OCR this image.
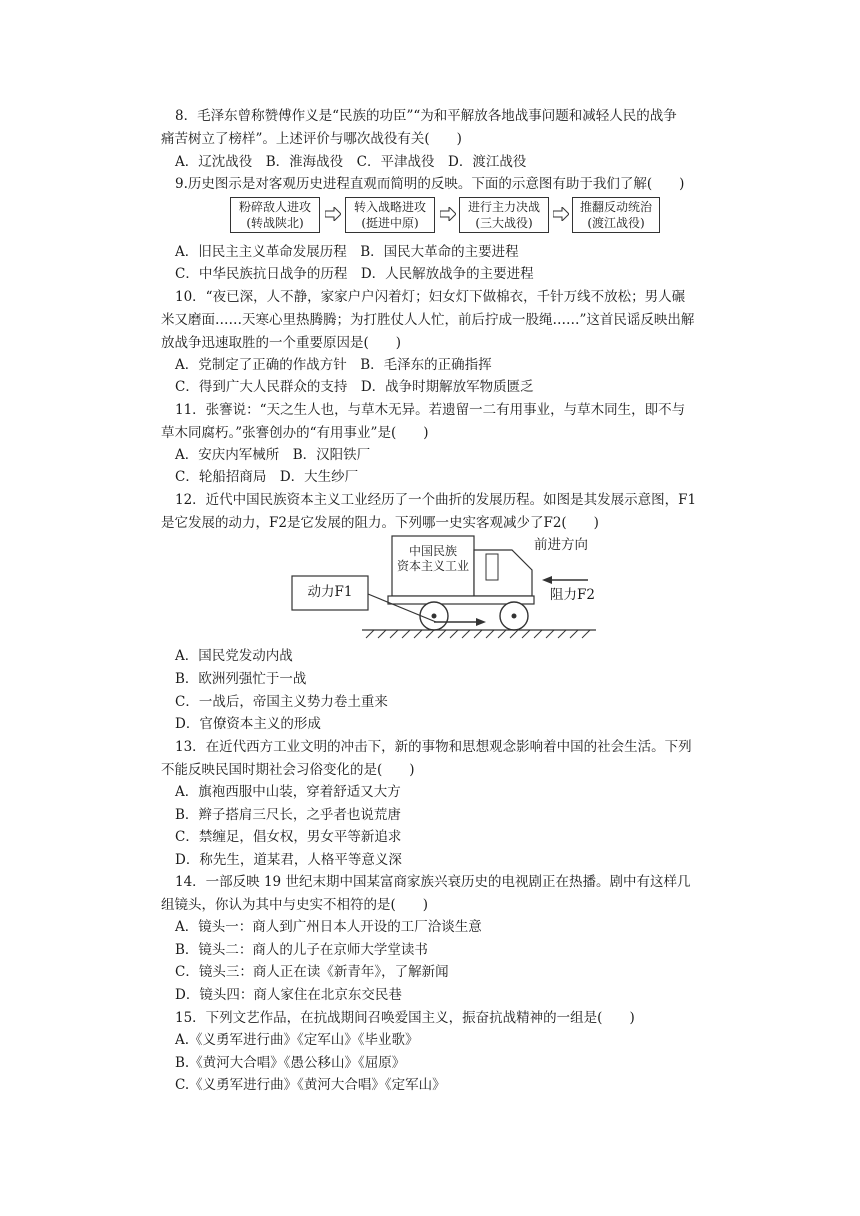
8．毛泽东曾称赞傅作义是“民族的功臣”“为和平解放各地战事问题和减轻人民的战争
痛苦树立了榜样”。上述评价与哪次战役有关(　　)
A．辽沈战役　B．淮海战役　C．平津战役　D．渡江战役
9.历史图示是对客观历史进程直观而简明的反映。下面的示意图有助于我们了解(　　)
粉碎敌人进攻
(转战陕北)
转入战略进攻
(挺进中原)
进行主力决战
(三大战役)
推翻反动统治
(渡江战役)
A．旧民主主义革命发展历程　B．国民大革命的主要进程
C．中华民族抗日战争的历程　D．人民解放战争的主要进程
10．“夜已深，人不静，家家户户闪着灯；妇女灯下做棉衣，千针万线不放松；男人碾
米又磨面……天寒心里热腾腾；为打胜仗人人忙，前后拧成一股绳……”这首民谣反映出解
放战争迅速取胜的一个重要原因是(　　)
A．党制定了正确的作战方针　B．毛泽东的正确指挥
C．得到广大人民群众的支持　D．战争时期解放军物质匮乏
11．张謇说：“天之生人也，与草木无异。若遗留一二有用事业，与草木同生，即不与
草木同腐朽。”张謇创办的“有用事业”是(　　)
A．安庆内军械所　B．汉阳铁厂
C．轮船招商局　D．大生纱厂
12．近代中国民族资本主义工业经历了一个曲折的发展历程。如图是其发展示意图，F1
是它发展的动力，F2是它发展的阻力。下列哪一史实客观减少了F2(　　)
中国民族
资本主义工业
前进方向
动力F1	阻力F2
A．国民党发动内战
B．欧洲列强忙于一战
C．一战后，帝国主义势力卷土重来
D．官僚资本主义的形成
13．在近代西方工业文明的冲击下，新的事物和思想观念影响着中国的社会生活。下列
不能反映民国时期社会习俗变化的是(　　)
A．旗袍西服中山装，穿着舒适又大方
B．辫子搭肩三尺长，之乎者也说荒唐
C．禁缠足，倡女权，男女平等新追求
D．称先生，道某君，人格平等意义深
14．一部反映 19 世纪末期中国某富商家族兴衰历史的电视剧正在热播。剧中有这样几
组镜头，你认为其中与史实不相符的是(　　)
A．镜头一：商人到广州日本人开设的工厂洽谈生意
B．镜头二：商人的儿子在京师大学堂读书
C．镜头三：商人正在读《新青年》，了解新闻
D．镜头四：商人家住在北京东交民巷
15．下列文艺作品，在抗战期间召唤爱国主义，振奋抗战精神的一组是(　　)
A.《义勇军进行曲》《定军山》《毕业歌》
B.《黄河大合唱》《愚公移山》《屈原》
C.《义勇军进行曲》《黄河大合唱》《定军山》
